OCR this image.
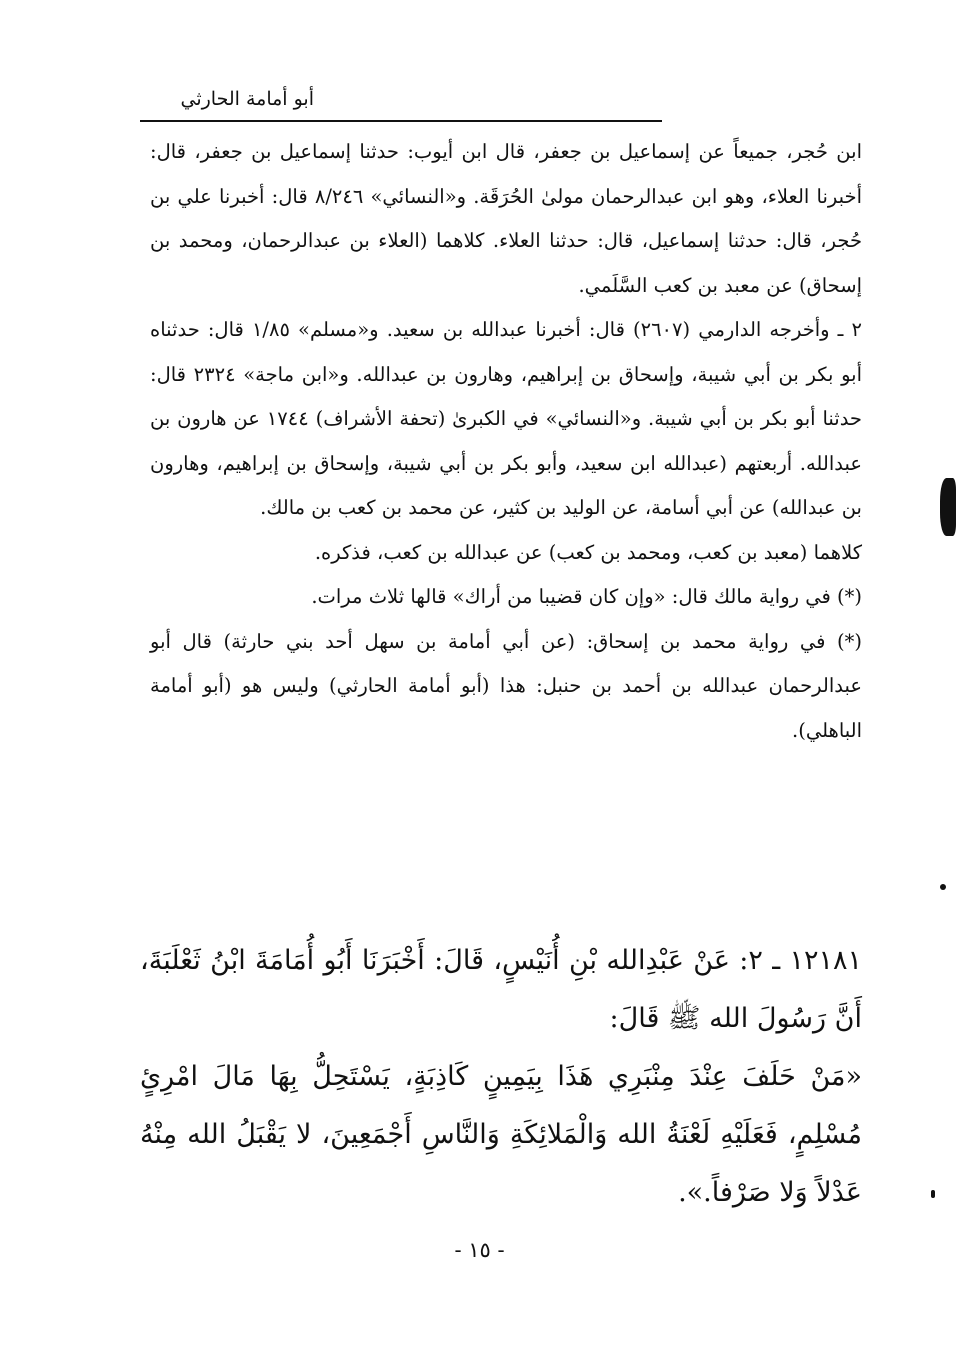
أبو أمامة الحارثي

ابن حُجر، جميعاً عن إسماعيل بن جعفر، قال ابن أيوب: حدثنا إسماعيل بن جعفر، قال: أخبرنا العلاء، وهو ابن عبدالرحمان مولىٰ الحُرَقَة. و«النسائي» ٨/٢٤٦ قال: أخبرنا علي بن حُجر، قال: حدثنا إسماعيل، قال: حدثنا العلاء. كلاهما (العلاء بن عبدالرحمان، ومحمد بن إسحاق) عن معبد بن كعب السَّلَمي.

٢ ـ وأخرجه الدارمي (٢٦٠٧) قال: أخبرنا عبدالله بن سعيد. و«مسلم» ١/٨٥ قال: حدثناه أبو بكر بن أبي شيبة، وإسحاق بن إبراهيم، وهارون بن عبدالله. و«ابن ماجة» ٢٣٢٤ قال: حدثنا أبو بكر بن أبي شيبة. و«النسائي» في الكبرىٰ (تحفة الأشراف) ١٧٤٤ عن هارون بن عبدالله. أربعتهم (عبدالله ابن سعيد، وأبو بكر بن أبي شيبة، وإسحاق بن إبراهيم، وهارون بن عبدالله) عن أبي أسامة، عن الوليد بن كثير، عن محمد بن كعب بن مالك.

كلاهما (معبد بن كعب، ومحمد بن كعب) عن عبدالله بن كعب، فذكره.

(*) في رواية مالك قال: «وإن كان قضيبا من أراك» قالها ثلاث مرات.

(*) في رواية محمد بن إسحاق: (عن أبي أمامة بن سهل أحد بني حارثة) قال أبو عبدالرحمان عبدالله بن أحمد بن حنبل: هذا (أبو أمامة الحارثي) وليس هو (أبو أمامة الباهلي).

١٢١٨١ ـ ٢: عَنْ عَبْدِالله بْنِ أُنَيْسٍ، قَالَ: أَخْبَرَنَا أَبُو أُمَامَةَ ابْنُ ثَعْلَبَةَ، أَنَّ رَسُولَ الله ﷺ قَالَ:

«مَنْ حَلَفَ عِنْدَ مِنْبَرِي هَذَا بِيَمِينٍ كَاذِبَةٍ، يَسْتَحِلُّ بِهَا مَالَ امْرِئٍ مُسْلِمٍ، فَعَلَيْهِ لَعْنَةُ الله وَالْمَلائِكَةِ وَالنَّاسِ أَجْمَعِينَ، لا يَقْبَلُ الله مِنْهُ عَدْلاً وَلا صَرْفاً.».

- ١٥ -
